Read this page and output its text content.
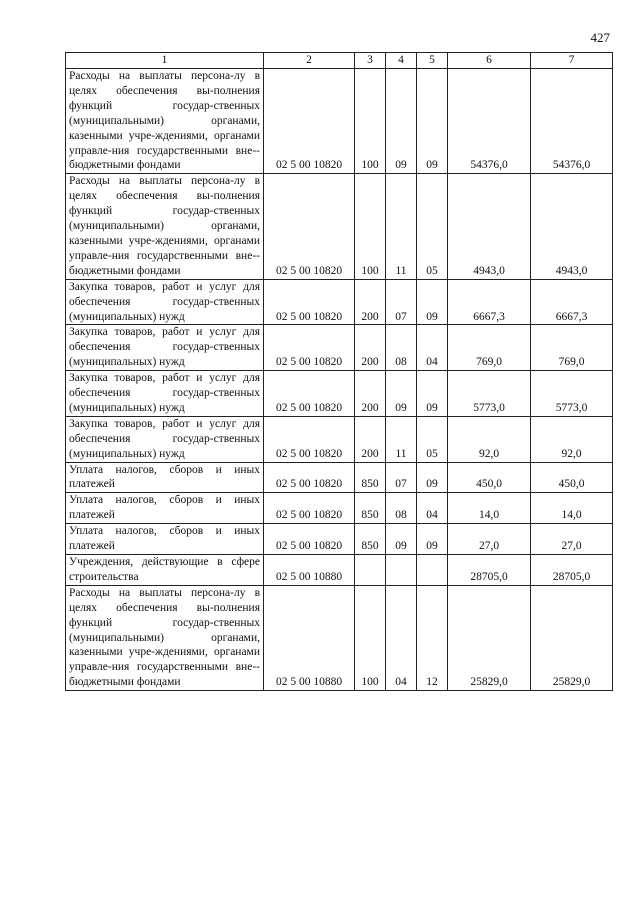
427
1	2	3	4	5	6	7
Расходы на выплаты персона-лу в целях обеспечения вы-полнения функций государ-ственных (муниципальными) органами, казенными учре-ждениями, органами управле-ния государственными вне-бюджетными фондами	02 5 00 10820	100	09	09	54376,0	54376,0
Расходы на выплаты персона-лу в целях обеспечения вы-полнения функций государ-ственных (муниципальными) органами, казенными учре-ждениями, органами управле-ния государственными вне-бюджетными фондами	02 5 00 10820	100	11	05	4943,0	4943,0
Закупка товаров, работ и услуг для обеспечения государ-ственных (муниципальных) нужд	02 5 00 10820	200	07	09	6667,3	6667,3
Закупка товаров, работ и услуг для обеспечения государ-ственных (муниципальных) нужд	02 5 00 10820	200	08	04	769,0	769,0
Закупка товаров, работ и услуг для обеспечения государ-ственных (муниципальных) нужд	02 5 00 10820	200	09	09	5773,0	5773,0
Закупка товаров, работ и услуг для обеспечения государ-ственных (муниципальных) нужд	02 5 00 10820	200	11	05	92,0	92,0
Уплата налогов, сборов и иных платежей	02 5 00 10820	850	07	09	450,0	450,0
Уплата налогов, сборов и иных платежей	02 5 00 10820	850	08	04	14,0	14,0
Уплата налогов, сборов и иных платежей	02 5 00 10820	850	09	09	27,0	27,0
Учреждения, действующие в сфере строительства	02 5 00 10880				28705,0	28705,0
Расходы на выплаты персона-лу в целях обеспечения вы-полнения функций государ-ственных (муниципальными) органами, казенными учре-ждениями, органами управле-ния государственными вне-бюджетными фондами	02 5 00 10880	100	04	12	25829,0	25829,0
